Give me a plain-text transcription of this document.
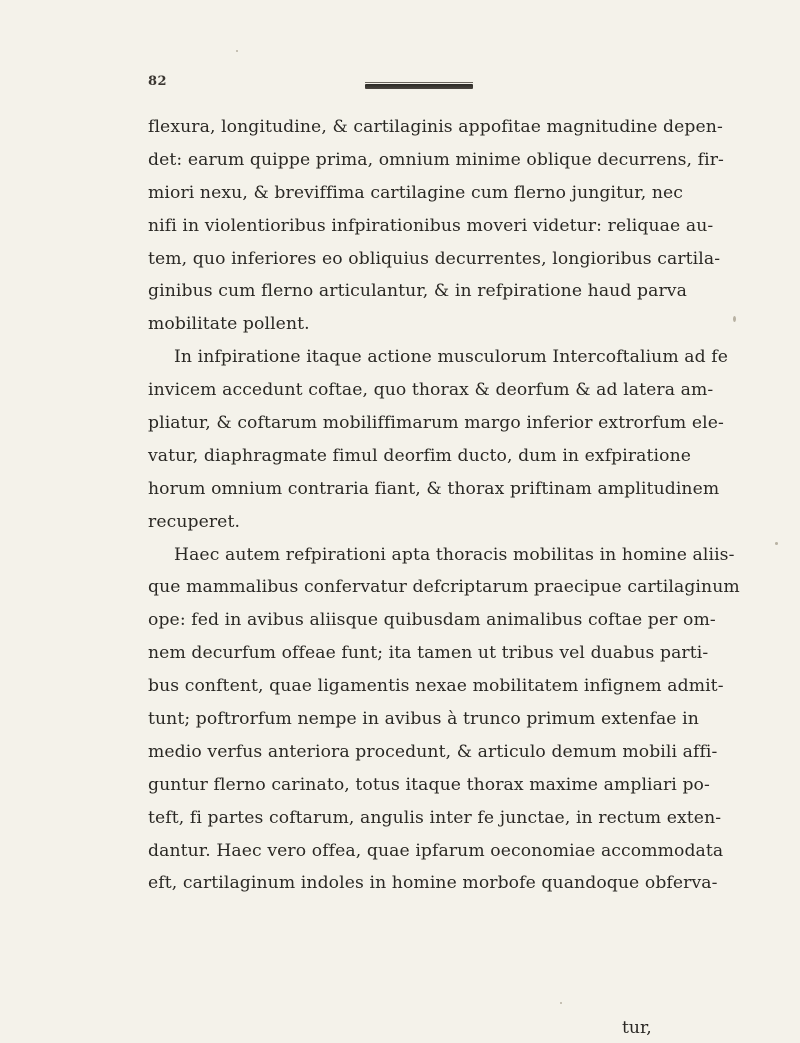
82
flexura, longitudine, & cartilaginis appofitae magnitudine depen-
det: earum quippe prima, omnium minime oblique decurrens, fir-
miori nexu, & breviffima cartilagine cum flerno jungitur, nec
nifi in violentioribus infpirationibus moveri videtur: reliquae au-
tem, quo inferiores eo obliquius decurrentes, longioribus cartila-
ginibus cum flerno articulantur, & in refpiratione haud parva
mobilitate pollent.
In infpiratione itaque actione musculorum Intercoftalium ad fe
invicem accedunt coftae, quo thorax & deorfum & ad latera am-
pliatur, & coftarum mobiliffimarum margo inferior extrorfum ele-
vatur, diaphragmate fimul deorfim ducto, dum in exfpiratione
horum omnium contraria fiant, & thorax priftinam amplitudinem
recuperet.
Haec autem refpirationi apta thoracis mobilitas in homine aliis-
que mammalibus confervatur defcriptarum praecipue cartilaginum
ope: fed in avibus aliisque quibusdam animalibus coftae per om-
nem decurfum offeae funt; ita tamen ut tribus vel duabus parti-
bus conftent, quae ligamentis nexae mobilitatem infignem admit-
tunt; poftrorfum nempe in avibus à trunco primum extenfae in
medio verfus anteriora procedunt, & articulo demum mobili affi-
guntur flerno carinato, totus itaque thorax maxime ampliari po-
teft, fi partes coftarum, angulis inter fe junctae, in rectum exten-
dantur. Haec vero offea, quae ipfarum oeconomiae accommodata
eft, cartilaginum indoles in homine morbofe quandoque obferva-
tur,
